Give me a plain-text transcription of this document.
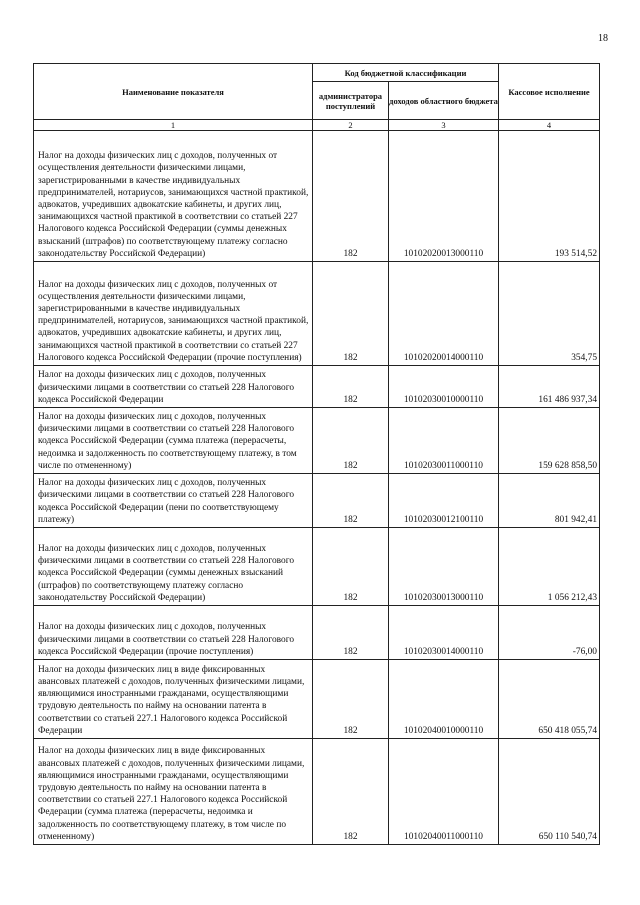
18
Наименование показателя	Код бюджетной классификации		Кассовое исполнение
	администратора поступлений	доходов областного бюджета	
1	2	3	4
Налог на доходы физических лиц с доходов, полученных от осуществления деятельности физическими лицами, зарегистрированными в качестве индивидуальных предпринимателей, нотариусов, занимающихся частной практикой, адвокатов, учредивших адвокатские кабинеты, и других лиц, занимающихся частной практикой в соответствии со статьей 227 Налогового кодекса Российской Федерации (суммы денежных взысканий (штрафов) по соответствующему платежу согласно законодательству Российской Федерации)	182	10102020013000110	193 514,52
Налог на доходы физических лиц с доходов, полученных от осуществления деятельности физическими лицами, зарегистрированными в качестве индивидуальных предпринимателей, нотариусов, занимающихся частной практикой, адвокатов, учредивших адвокатские кабинеты, и других лиц, занимающихся частной практикой в соответствии со статьей 227 Налогового кодекса Российской Федерации (прочие поступления)	182	10102020014000110	354,75
Налог на доходы физических лиц с доходов, полученных физическими лицами в соответствии со статьей 228 Налогового кодекса Российской Федерации	182	10102030010000110	161 486 937,34
Налог на доходы физических лиц с доходов, полученных физическими лицами в соответствии со статьей 228 Налогового кодекса Российской Федерации (сумма платежа (перерасчеты, недоимка и задолженность по соответствующему платежу, в том числе по отмененному)	182	10102030011000110	159 628 858,50
Налог на доходы физических лиц с доходов, полученных физическими лицами в соответствии со статьей 228 Налогового кодекса Российской Федерации (пени по соответствующему платежу)	182	10102030012100110	801 942,41
Налог на доходы физических лиц с доходов, полученных физическими лицами в соответствии со статьей 228 Налогового кодекса Российской Федерации (суммы денежных взысканий (штрафов) по соответствующему платежу согласно законодательству Российской Федерации)	182	10102030013000110	1 056 212,43
Налог на доходы физических лиц с доходов, полученных физическими лицами в соответствии со статьей 228 Налогового кодекса Российской Федерации (прочие поступления)	182	10102030014000110	-76,00
Налог на доходы физических лиц в виде фиксированных авансовых платежей с доходов, полученных физическими лицами, являющимися иностранными гражданами, осуществляющими трудовую деятельность по найму на основании патента в соответствии со статьей 227.1 Налогового кодекса Российской Федерации	182	10102040010000110	650 418 055,74
Налог на доходы физических лиц в виде фиксированных авансовых платежей с доходов, полученных физическими лицами, являющимися иностранными гражданами, осуществляющими трудовую деятельность по найму на основании патента в соответствии со статьей 227.1 Налогового кодекса Российской Федерации (сумма платежа (перерасчеты, недоимка и задолженность по соответствующему платежу, в том числе по отмененному)	182	10102040011000110	650 110 540,74
